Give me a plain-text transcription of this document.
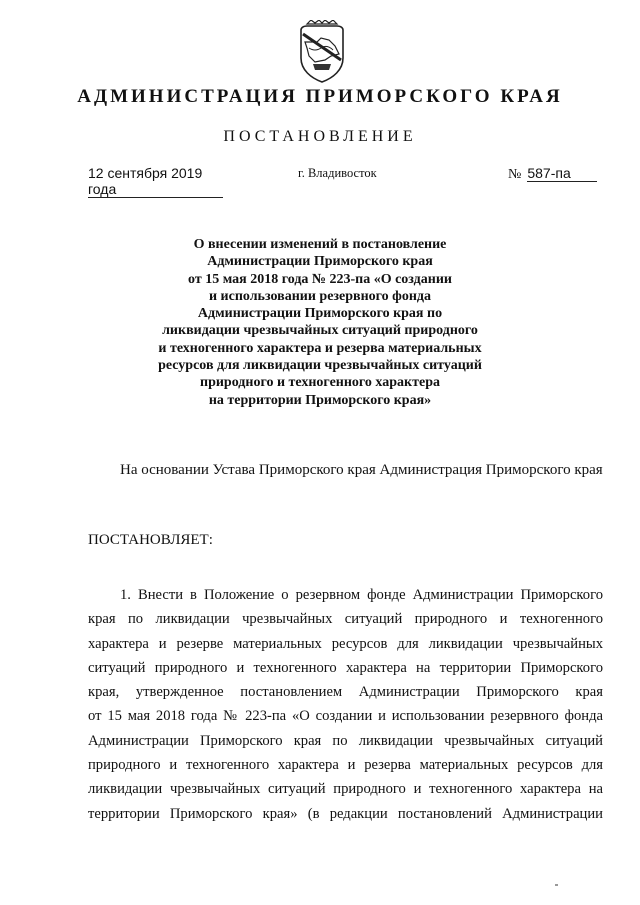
АДМИНИСТРАЦИЯ ПРИМОРСКОГО КРАЯ
ПОСТАНОВЛЕНИЕ
12 сентября 2019 года
г. Владивосток	№ 587-па
О внесении изменений в постановление
Администрации Приморского края
от 15 мая 2018 года № 223-па «О создании
и использовании резервного фонда
Администрации Приморского края по
ликвидации чрезвычайных ситуаций природного
и техногенного характера и резерва материальных
ресурсов для ликвидации чрезвычайных ситуаций
природного и техногенного характера
на территории Приморского края»
На основании Устава Приморского края Администрация Приморского края
ПОСТАНОВЛЯЕТ:
1. Внести в Положение о резервном фонде Администрации Приморского
края по ликвидации чрезвычайных ситуаций природного и техногенного
характера и резерве материальных ресурсов для ликвидации чрезвычайных
ситуаций природного и техногенного характера на территории Приморского
края, утвержденное постановлением Администрации Приморского края
от 15 мая 2018 года № 223-па «О создании и использовании резервного фонда
Администрации Приморского края по ликвидации чрезвычайных ситуаций
природного и техногенного характера и резерва материальных ресурсов для
ликвидации чрезвычайных ситуаций природного и техногенного характера на
территории Приморского края» (в редакции постановлений Администрации
